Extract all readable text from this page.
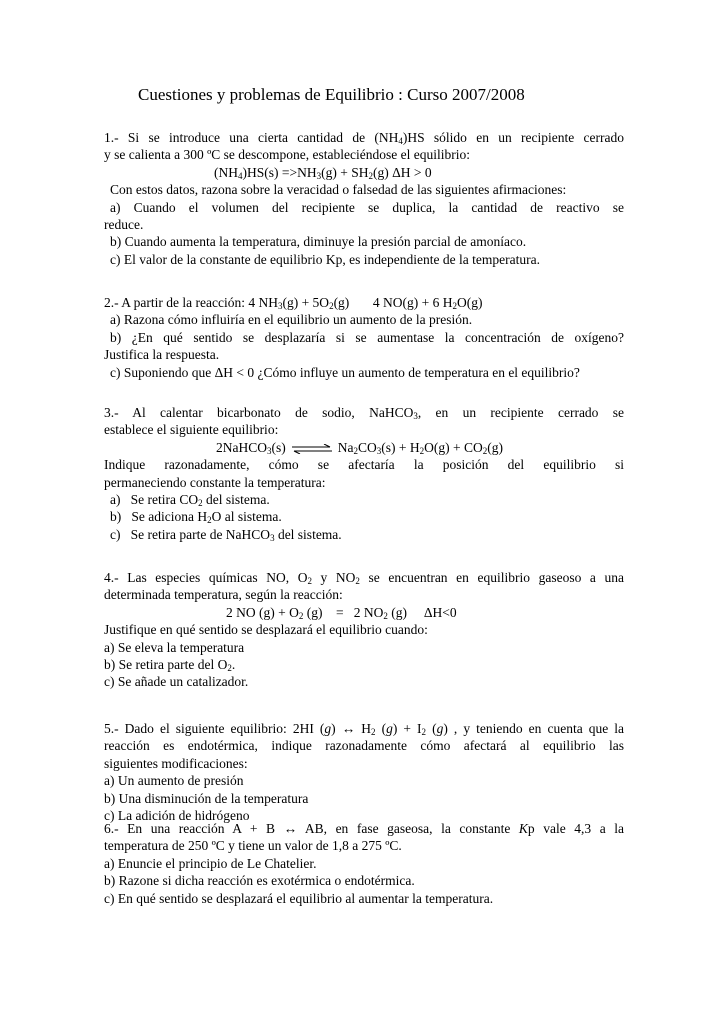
Cuestiones y problemas de Equilibrio : Curso 2007/2008
1.- Si se introduce una cierta cantidad de $(NH_4)HS$ sólido en un recipiente cerrado
y se calienta a 300 ºC se descompone, estableciéndose el equilibrio:
$(NH_4)HS(s) =>NH_3(g) + SH_2(g) \Delta H > 0$
Con estos datos, razona sobre la veracidad o falsedad de las siguientes afirmaciones:
a) Cuando el volumen del recipiente se duplica, la cantidad de reactivo se
reduce.
b) Cuando aumenta la temperatura, diminuye la presión parcial de amoníaco.
c) El valor de la constante de equilibrio Kp, es independiente de la temperatura.
2.- A partir de la reacción: 4 $NH_3(g) + 5O_2(g)$       4 NO(g) + 6 $H_2O(g)$
a) Razona cómo influiría en el equilibrio un aumento de la presión.
b) ¿En qué sentido se desplazaría si se aumentase la concentración de oxígeno?
Justifica la respuesta.
c) Suponiendo que ΔH < 0 ¿Cómo influye un aumento de temperatura en el equilibrio?
3.- Al calentar bicarbonato de sodio, NaHCO$_3$, en un recipiente cerrado se
establece el siguiente equilibrio:
2NaHCO$_3$(s) ⇌ $Na_2CO_3(s) + H_2O(g) + CO_2(g)$
Indique razonadamente, cómo se afectaría la posición del equilibrio si
permaneciendo constante la temperatura:
a)   Se retira $CO_2$ del sistema.
b)   Se adiciona $H_2O$ al sistema.
c)   Se retira parte de NaHCO$_3$ del sistema.
4.- Las especies químicas NO, $O_2$ y $NO_2$ se encuentran en equilibrio gaseoso a una
determinada temperatura, según la reacción:
2 NO $(g) + O_2$ (g)    =   2 $NO_2$ (g)     ΔH<0
Justifique en qué sentido se desplazará el equilibrio cuando:
a) Se eleva la temperatura
b) Se retira parte del $O_2$.
c) Se añade un catalizador.
5.- Dado el siguiente equilibrio: 2HI (g) ↔ $H_2$ $(g) + I_2$ (g) , y teniendo en cuenta que la
reacción es endotérmica, indique razonadamente cómo afectará al equilibrio las
siguientes modificaciones:
a) Un aumento de presión
b) Una disminución de la temperatura
c) La adición de hidrógeno
6.- En una reacción A + B ↔ AB, en fase gaseosa, la constante Kp vale 4,3 a la
temperatura de 250 ºC y tiene un valor de 1,8 a 275 ºC.
a) Enuncie el principio de Le Chatelier.
b) Razone si dicha reacción es exotérmica o endotérmica.
c) En qué sentido se desplazará el equilibrio al aumentar la temperatura.
